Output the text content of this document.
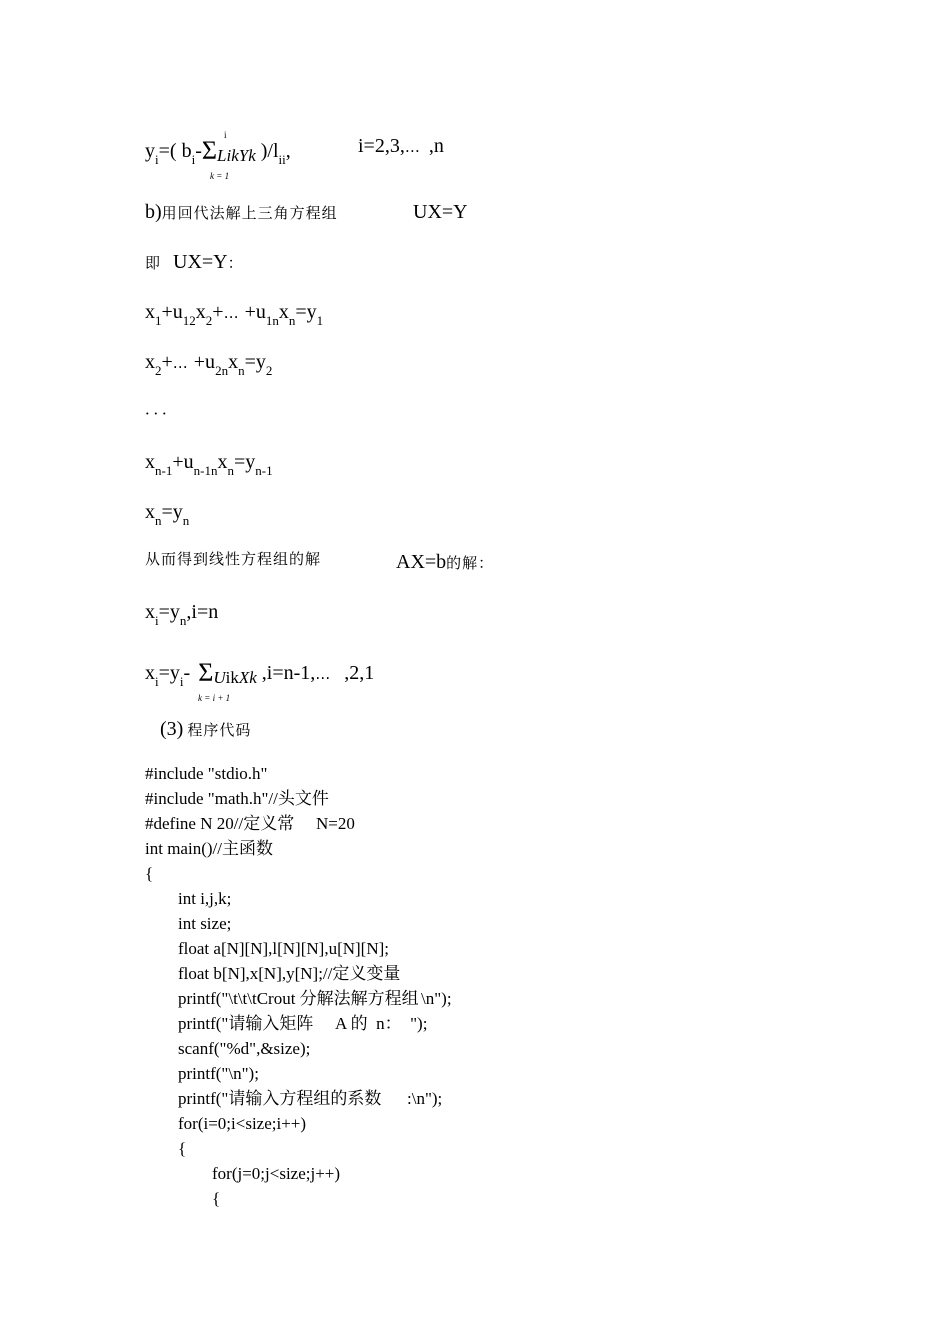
$y_i=$( $b_i-\Sigma_{LikYk}$ )$/l_{ii}$,
i	i=2,3,… ,n
k = 1
b)用回代法解上三角方程组	UX=Y
即 UX=Y：
$x_1+u_{12}x_2+\dots +u_{1n}x_n=y_1$
$x_2+\dots +u_{2n}x_n=y_2$
．．．
$x_{n-1}+u_{n-1n}x_n=y_{n-1}$
$x_n=y_n$
从而得到线性方程组的解	AX=b的解：
$x_i=y_n,i=n$
$x_i=y_i-$ $\Sigma_{UikXk}$ ,i=n-1,… ,2,1
k = i + 1
(3) 程序代码
#include "stdio.h"
#include "math.h"//头文件
#define N 20//定义常 N=20
int main()//主函数
{
int i,j,k;
int size;
float a[N][N],l[N][N],u[N][N];
float b[N],x[N],y[N];//定义变量
printf("\t\t\tCrout 分解法解方程组 \n");
printf("请输入矩阵 A 的  n：  ");
scanf("%d",&size);
printf("\n");
printf("请输入方程组的系数 :\n");
for(i=0;i<size;i++)
{
for(j=0;j<size;j++)
{
